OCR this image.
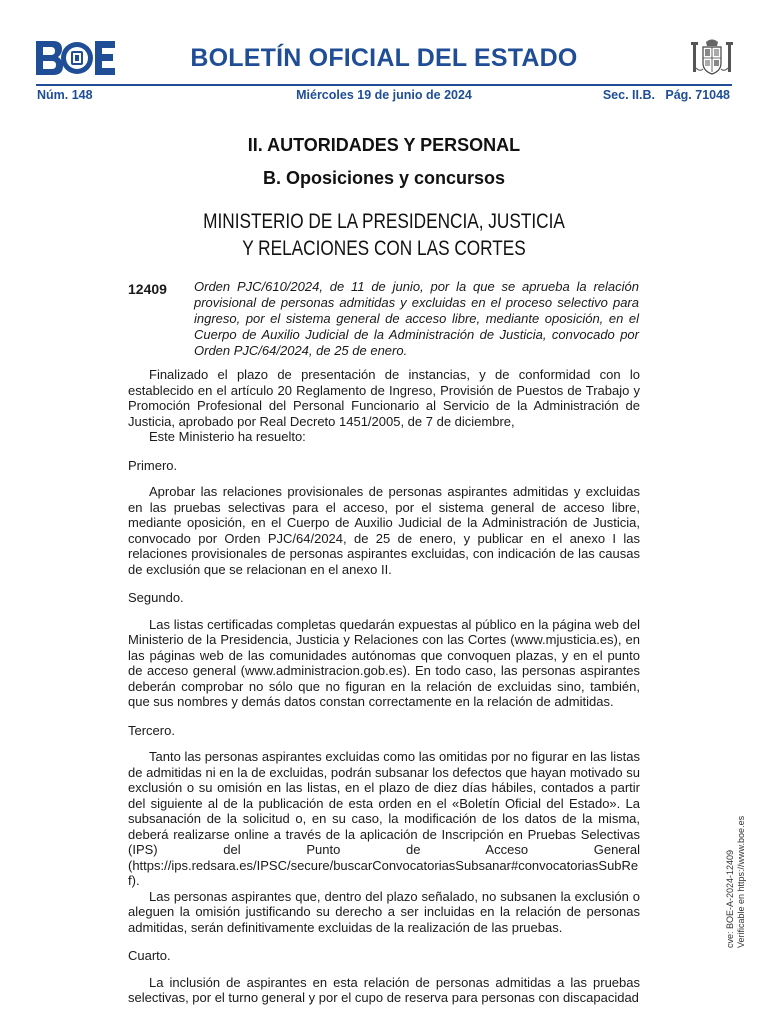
BOLETÍN OFICIAL DEL ESTADO
Núm. 148	Miércoles 19 de junio de 2024	Sec. II.B.   Pág. 71048
II. AUTORIDADES Y PERSONAL
B. Oposiciones y concursos
MINISTERIO DE LA PRESIDENCIA, JUSTICIA
Y RELACIONES CON LAS CORTES
12409 Orden PJC/610/2024, de 11 de junio, por la que se aprueba la relación provisional de personas admitidas y excluidas en el proceso selectivo para ingreso, por el sistema general de acceso libre, mediante oposición, en el Cuerpo de Auxilio Judicial de la Administración de Justicia, convocado por Orden PJC/64/2024, de 25 de enero.

Finalizado el plazo de presentación de instancias, y de conformidad con lo establecido en el artículo 20 Reglamento de Ingreso, Provisión de Puestos de Trabajo y Promoción Profesional del Personal Funcionario al Servicio de la Administración de Justicia, aprobado por Real Decreto 1451/2005, de 7 de diciembre,

Este Ministerio ha resuelto:

Primero.

Aprobar las relaciones provisionales de personas aspirantes admitidas y excluidas en las pruebas selectivas para el acceso, por el sistema general de acceso libre, mediante oposición, en el Cuerpo de Auxilio Judicial de la Administración de Justicia, convocado por Orden PJC/64/2024, de 25 de enero, y publicar en el anexo I las relaciones provisionales de personas aspirantes excluidas, con indicación de las causas de exclusión que se relacionan en el anexo II.

Segundo.

Las listas certificadas completas quedarán expuestas al público en la página web del Ministerio de la Presidencia, Justicia y Relaciones con las Cortes (www.mjusticia.es), en las páginas web de las comunidades autónomas que convoquen plazas, y en el punto de acceso general (www.administracion.gob.es). En todo caso, las personas aspirantes deberán comprobar no sólo que no figuran en la relación de excluidas sino, también, que sus nombres y demás datos constan correctamente en la relación de admitidas.

Tercero.

Tanto las personas aspirantes excluidas como las omitidas por no figurar en las listas de admitidas ni en la de excluidas, podrán subsanar los defectos que hayan motivado su exclusión o su omisión en las listas, en el plazo de diez días hábiles, contados a partir del siguiente al de la publicación de esta orden en el «Boletín Oficial del Estado». La subsanación de la solicitud o, en su caso, la modificación de los datos de la misma, deberá realizarse online a través de la aplicación de Inscripción en Pruebas Selectivas (IPS) del Punto de Acceso General (https://ips.redsara.es/IPSC/secure/buscarConvocatoriasSubsanar#convocatoriasSubRef).

Las personas aspirantes que, dentro del plazo señalado, no subsanen la exclusión o aleguen la omisión justificando su derecho a ser incluidas en la relación de personas admitidas, serán definitivamente excluidas de la realización de las pruebas.

Cuarto.

La inclusión de aspirantes en esta relación de personas admitidas a las pruebas selectivas, por el turno general y por el cupo de reserva para personas con discapacidad

cve: BOE-A-2024-12409 Verificable en https://www.boe.es
